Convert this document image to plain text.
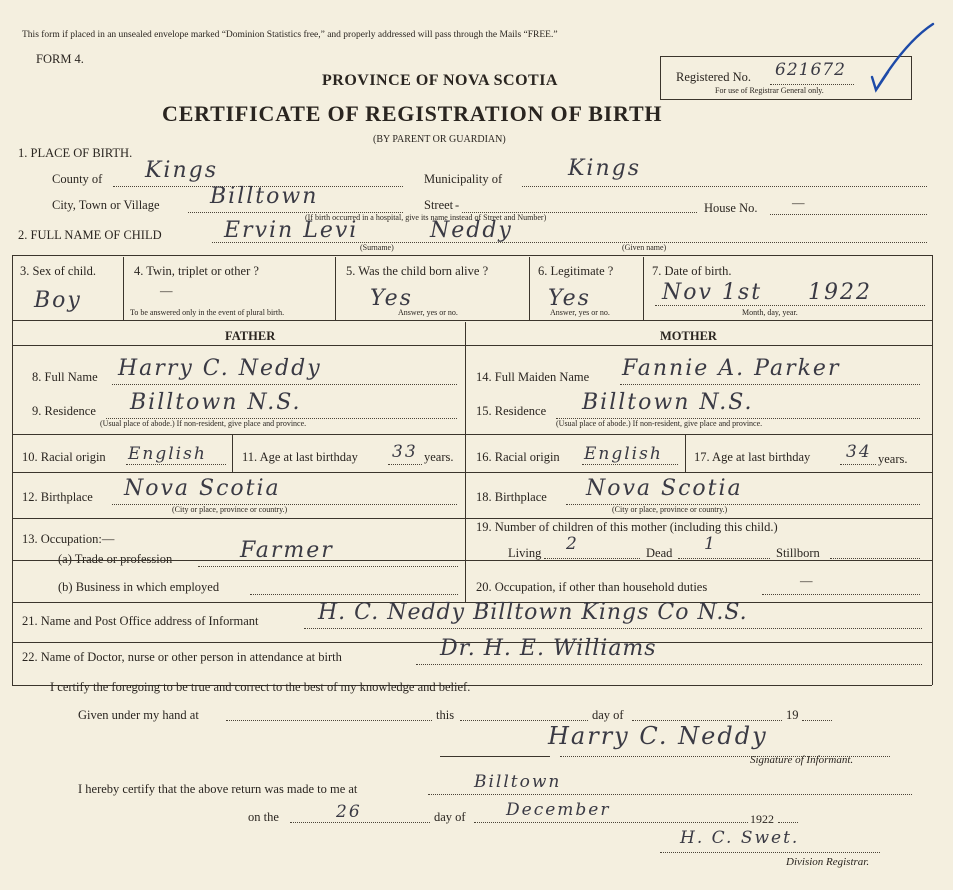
This form if placed in an unsealed envelope marked “Dominion Statistics free,” and properly addressed will pass through the Mails “FREE.”
FORM 4.
PROVINCE OF NOVA SCOTIA
CERTIFICATE OF REGISTRATION OF BIRTH
(BY PARENT OR GUARDIAN)
Registered No. 621672
For use of Registrar General only.
1. PLACE OF BIRTH.
County of Kings	Municipality of	Kings
City, Town or Village Billtown	Street -	House No.	—
(If birth occurred in a hospital, give its name instead of Street and Number)
2. FULL NAME OF CHILD	Ervin Levi	Neddy
(Surname)	(Given name)
3. Sex of child.
Boy
4. Twin, triplet or other ?
—
To be answered only in the event of plural birth.
5. Was the child born alive ?
Yes
Answer, yes or no.
6. Legitimate ?
Yes
Answer, yes or no.
7. Date of birth.
Nov 1st 1922
Month, day, year.
FATHER	MOTHER
8. Full Name Harry C. Neddy
9. Residence Billtown N.S.
(Usual place of abode.) If non-resident, give place and province.
10. Racial origin English	11. Age at last birthday 33 years.
12. Birthplace Nova Scotia
(City or place, province or country.)
13. Occupation:—
(a) Trade or profession	Farmer
(b) Business in which employed
14. Full Maiden Name Fannie A. Parker
15. Residence Billtown N.S.
(Usual place of abode.) If non-resident, give place and province.
16. Racial origin English 17. Age at last birthday 34 years.
18. Birthplace Nova Scotia
(City or place, province or country.)
19. Number of children of this mother (including this child.)
Living 2	Dead 1	Stillborn
20. Occupation, if other than household duties	—
21. Name and Post Office address of Informant	H. C. Neddy Billtown Kings Co N.S.
22. Name of Doctor, nurse or other person in attendance at birth	Dr. H. E. Williams
I certify the foregoing to be true and correct to the best of my knowledge and belief.
Given under my hand at	this	day of	19
Harry C. Neddy
Signature of Informant.
I hereby certify that the above return was made to me at	Billtown
on the	26	day of December	1922
H. C. Swet.
Division Registrar.
